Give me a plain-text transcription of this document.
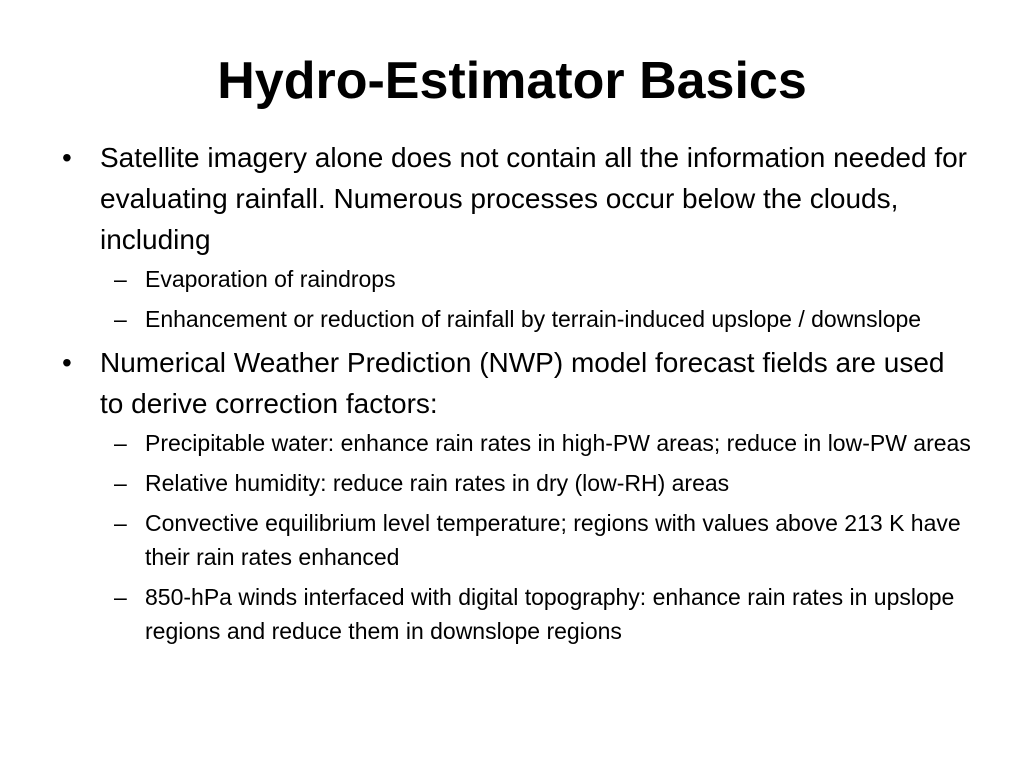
Hydro-Estimator Basics
•	Satellite imagery alone does not contain all the information needed for evaluating rainfall. Numerous processes occur below the clouds, including
– Evaporation of raindrops
– Enhancement or reduction of rainfall by terrain-induced upslope / downslope
•	Numerical Weather Prediction (NWP) model forecast fields are used to derive correction factors:
– Precipitable water: enhance rain rates in high-PW areas; reduce in low-PW areas
– Relative humidity: reduce rain rates in dry (low-RH) areas
– Convective equilibrium level temperature; regions with values above 213 K have their rain rates enhanced
– 850-hPa winds interfaced with digital topography: enhance rain rates in upslope regions and reduce them in downslope regions
